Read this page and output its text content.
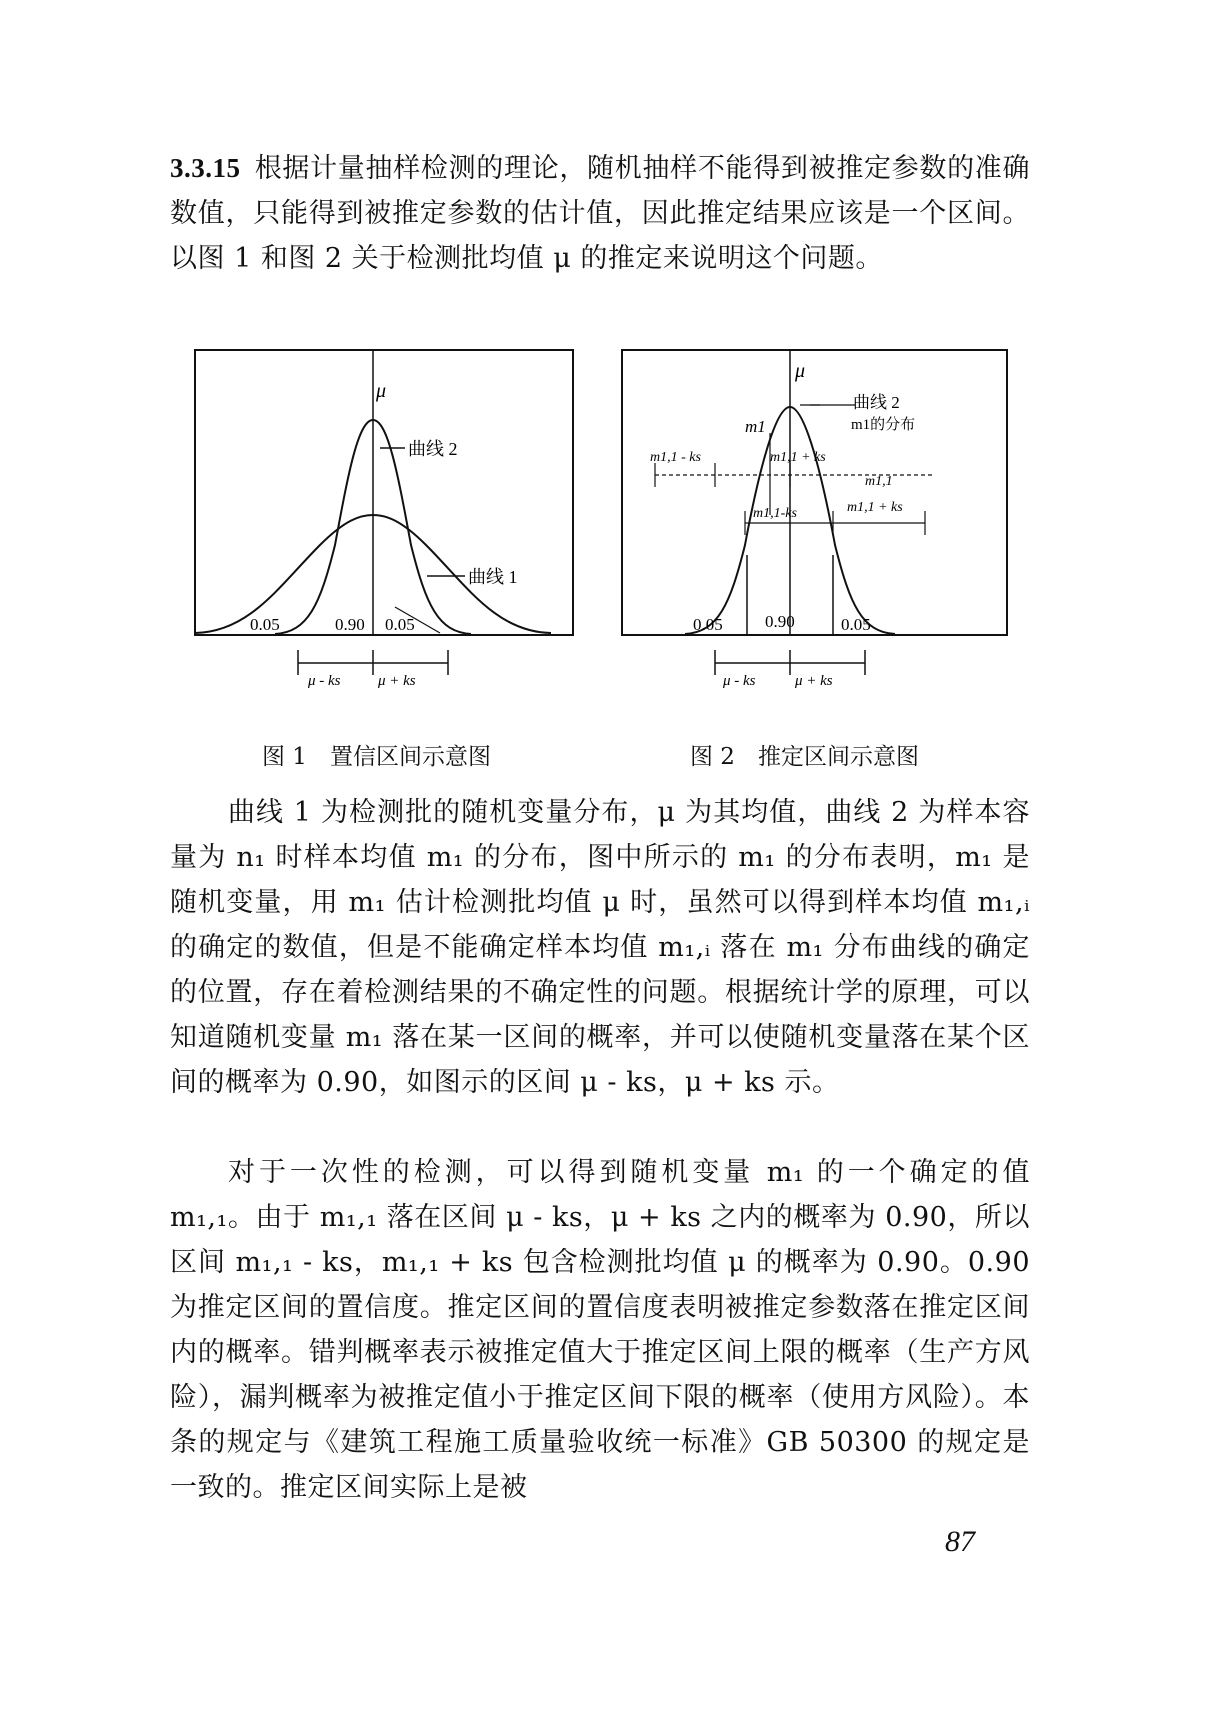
3.3.15 根据计量抽样检测的理论，随机抽样不能得到被推定参数的准确数值，只能得到被推定参数的估计值，因此推定结果应该是一个区间。以图 1 和图 2 关于检测批均值 μ 的推定来说明这个问题。

μ
曲线 2
曲线 1
0.05	0.90 0.05
μ - ks μ + ks
图 1　置信区间示意图
μ
m1
曲线 2
m1的分布
m1,1 - ks	m1,1 + ks
m1,1
m1,1-ks	m1,1 + ks
0.05 0.90	0.05
μ - ks	μ + ks
图 2　推定区间示意图

曲线 1 为检测批的随机变量分布，μ 为其均值，曲线 2 为样本容量为 n₁ 时样本均值 m₁ 的分布，图中所示的 m₁ 的分布表明，m₁ 是随机变量，用 m₁ 估计检测批均值 μ 时，虽然可以得到样本均值 m₁,ᵢ 的确定的数值，但是不能确定样本均值 m₁,ᵢ 落在 m₁ 分布曲线的确定的位置，存在着检测结果的不确定性的问题。根据统计学的原理，可以知道随机变量 m₁ 落在某一区间的概率，并可以使随机变量落在某个区间的概率为 0.90，如图示的区间 μ - ks，μ + ks 示。

对于一次性的检测，可以得到随机变量 m₁ 的一个确定的值 m₁,₁。由于 m₁,₁ 落在区间 μ - ks，μ + ks 之内的概率为 0.90，所以区间 m₁,₁ - ks，m₁,₁ + ks 包含检测批均值 μ 的概率为 0.90。0.90 为推定区间的置信度。推定区间的置信度表明被推定参数落在推定区间内的概率。错判概率表示被推定值大于推定区间上限的概率（生产方风险），漏判概率为被推定值小于推定区间下限的概率（使用方风险）。本条的规定与《建筑工程施工质量验收统一标准》GB 50300 的规定是一致的。推定区间实际上是被

87
